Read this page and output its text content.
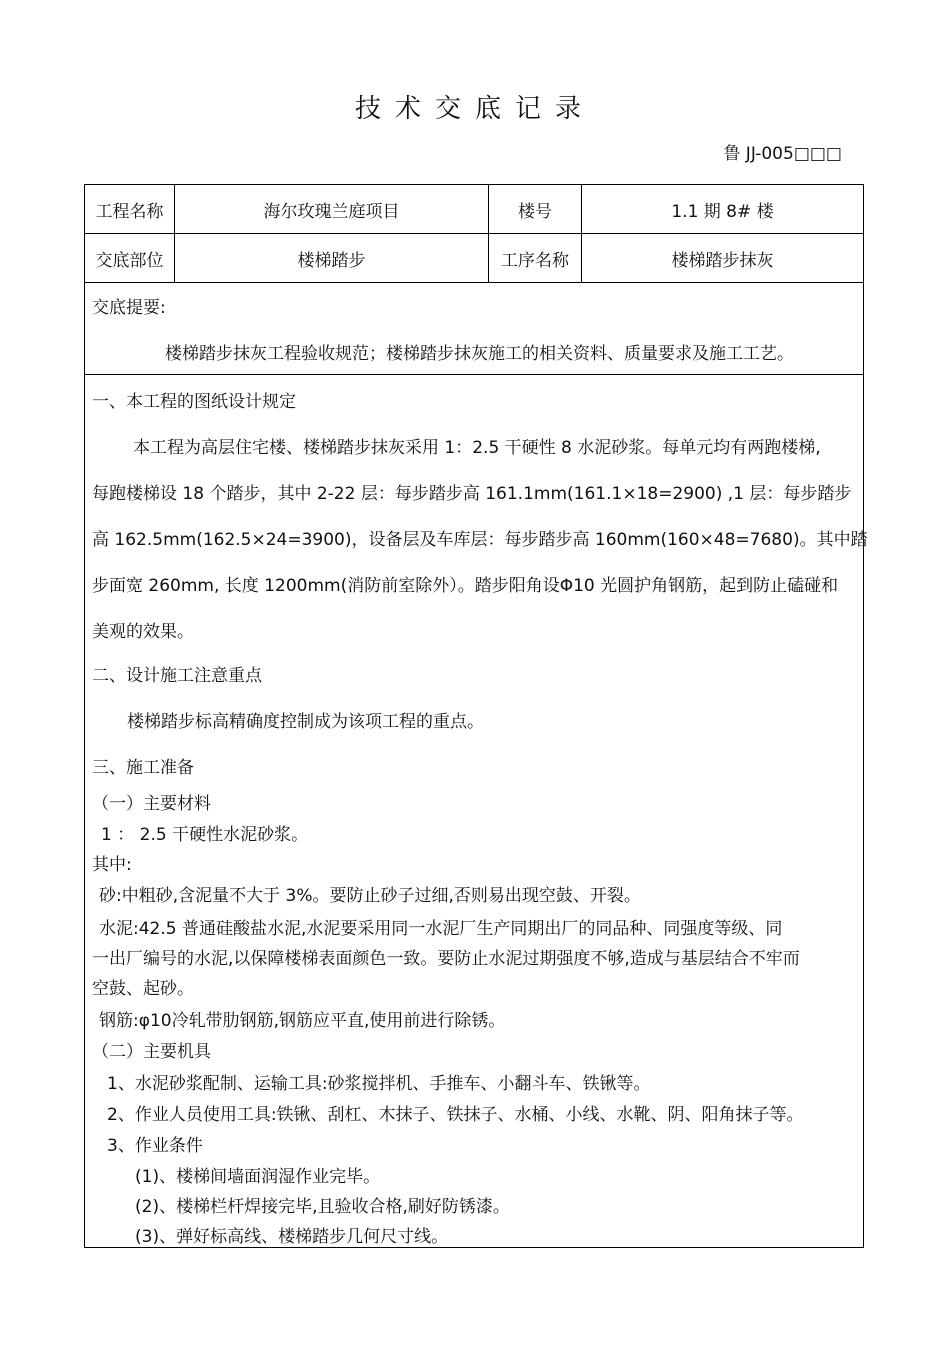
技术交底记录
鲁 JJ-005□□□
工程名称	海尔玫瑰兰庭项目	楼号	1.1 期 8# 楼
交底部位	楼梯踏步	工序名称	楼梯踏步抹灰
交底提要:
楼梯踏步抹灰工程验收规范；楼梯踏步抹灰施工的相关资料、质量要求及施工工艺。
一、本工程的图纸设计规定
本工程为高层住宅楼、楼梯踏步抹灰采用 1：2.5 干硬性 8 水泥砂浆。每单元均有两跑楼梯,
每跑楼梯设 18 个踏步，其中 2-22 层：每步踏步高 161.1mm(161.1×18=2900) ,1 层：每步踏步
高 162.5mm(162.5×24=3900)，设备层及车库层：每步踏步高 160mm(160×48=7680)。其中踏
步面宽 260mm, 长度 1200mm(消防前室除外）。踏步阳角设Φ10 光圆护角钢筋，起到防止磕碰和
美观的效果。
二、设计施工注意重点
楼梯踏步标高精确度控制成为该项工程的重点。
三、施工准备
（一）主要材料
1 ： 2.5 干硬性水泥砂浆。
其中:
砂:中粗砂,含泥量不大于 3%。要防止砂子过细,否则易出现空鼓、开裂。
水泥:42.5 普通硅酸盐水泥,水泥要采用同一水泥厂生产同期出厂的同品种、同强度等级、同
一出厂编号的水泥,以保障楼梯表面颜色一致。要防止水泥过期强度不够,造成与基层结合不牢而
空鼓、起砂。
钢筋:φ10冷轧带肋钢筋,钢筋应平直,使用前进行除锈。
（二）主要机具
1、水泥砂浆配制、运输工具:砂浆搅拌机、手推车、小翻斗车、铁锹等。
2、作业人员使用工具:铁锹、刮杠、木抹子、铁抹子、水桶、小线、水靴、阴、阳角抹子等。
3、作业条件
(1)、楼梯间墙面润湿作业完毕。
(2)、楼梯栏杆焊接完毕,且验收合格,刷好防锈漆。
(3)、弹好标高线、楼梯踏步几何尺寸线。
